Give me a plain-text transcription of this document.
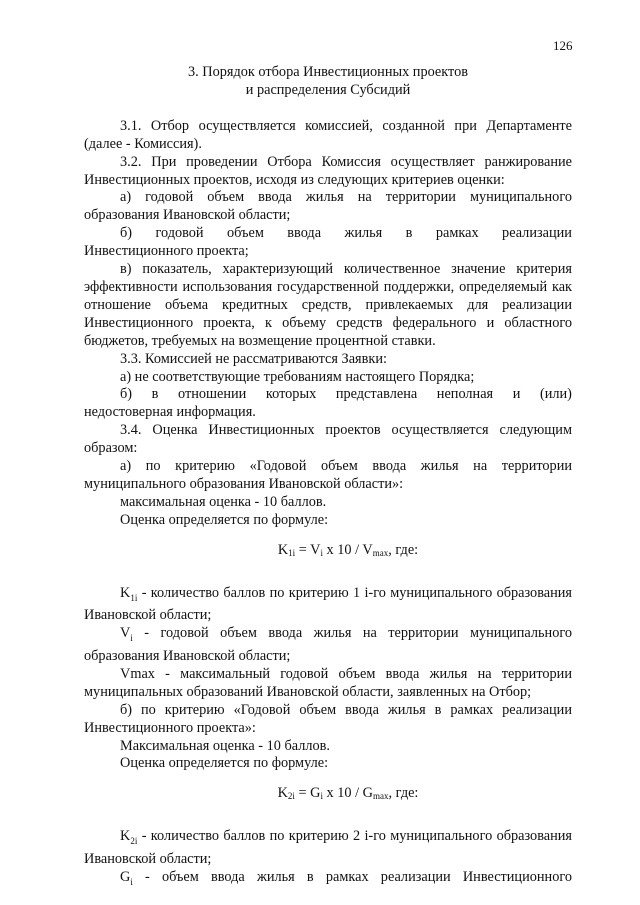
126
3. Порядок отбора Инвестиционных проектов
и распределения Субсидий

3.1. Отбор осуществляется комиссией, созданной при Департаменте (далее - Комиссия).

3.2. При проведении Отбора Комиссия осуществляет ранжирование Инвестиционных проектов, исходя из следующих критериев оценки:

а) годовой объем ввода жилья на территории муниципального образования Ивановской области;

б) годовой объем ввода жилья в рамках реализации

Инвестиционного проекта;

в) показатель, характеризующий количественное значение критерия эффективности использования государственной поддержки, определяемый как отношение объема кредитных средств, привлекаемых для реализации Инвестиционного проекта, к объему средств федерального и областного бюджетов, требуемых на возмещение процентной ставки.

3.3. Комиссией не рассматриваются Заявки:

а) не соответствующие требованиям настоящего Порядка;

б) в отношении которых представлена неполная и (или)

недостоверная информация.

3.4. Оценка Инвестиционных проектов осуществляется следующим образом:

а) по критерию «Годовой объем ввода жилья на территории муниципального образования Ивановской области»:

максимальная оценка - 10 баллов.

Оценка определяется по формуле:

$K_{1i} = V_i$ x $10 / V_{max}$, где:

$K_{1i}$ - количество баллов по критерию 1 i-го муниципального образования Ивановской области;

$V_i$ - годовой объем ввода жилья на территории муниципального образования Ивановской области;

Vmax - максимальный годовой объем ввода жилья на территории муниципальных образований Ивановской области, заявленных на Отбор;

б) по критерию «Годовой объем ввода жилья в рамках реализации Инвестиционного проекта»:

Максимальная оценка - 10 баллов.

Оценка определяется по формуле:

$K_{2i} = G_i$ x $10 / G_{max}$, где:

$K_{2i}$ - количество баллов по критерию 2 i-го муниципального образования Ивановской области;

$G_i$ - объем ввода жилья в рамках реализации Инвестиционного
